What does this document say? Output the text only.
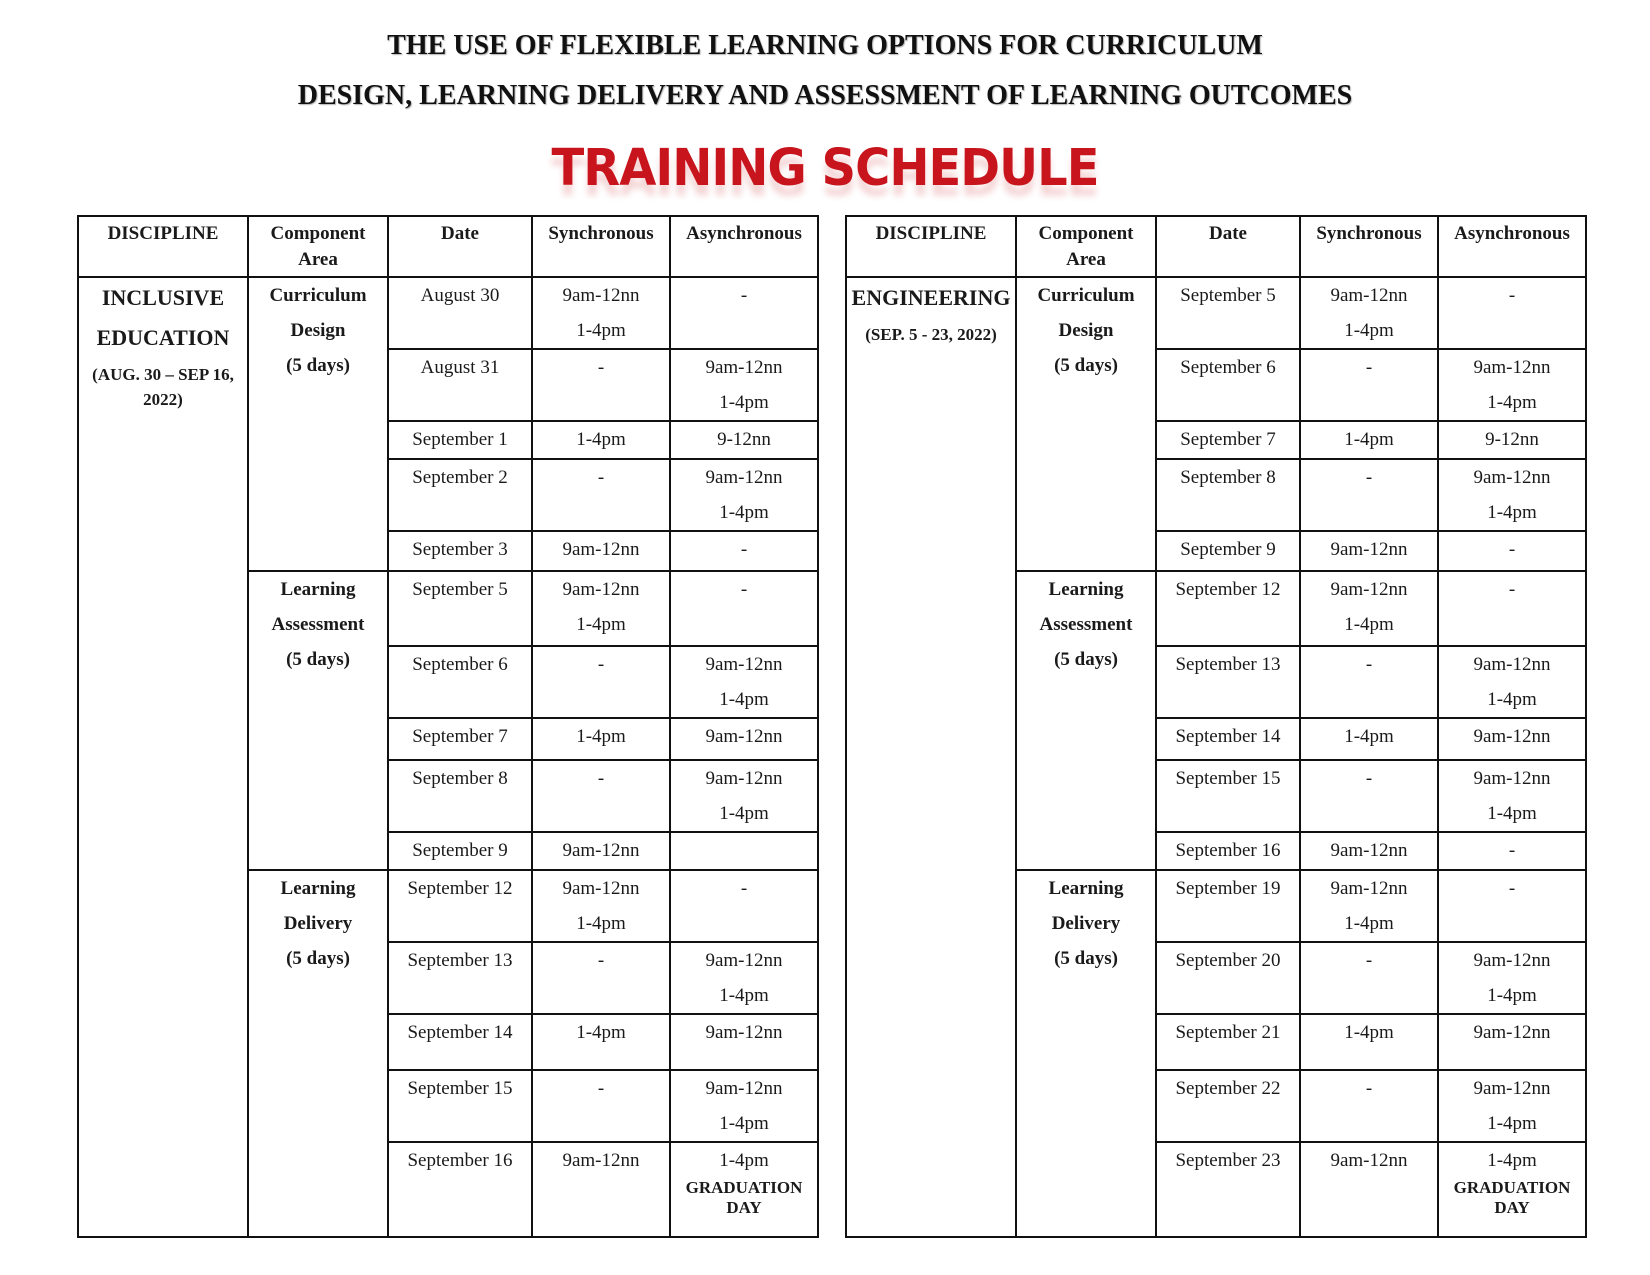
THE USE OF FLEXIBLE LEARNING OPTIONS FOR CURRICULUM
DESIGN, LEARNING DELIVERY AND ASSESSMENT OF LEARNING OUTCOMES
TRAINING SCHEDULE
DISCIPLINE	Component Area	Date	Synchronous	Asynchronous

INCLUSIVE
EDUCATION
(AUG. 30 – SEP 16, 2022)	Curriculum
Design
(5 days)	August 30	9am-12nn
1-4pm	-

		August 31	-	9am-12nn
1-4pm

		September 1	1-4pm	9-12nn

		September 2	-	9am-12nn
1-4pm

		September 3	9am-12nn	-

	Learning
Assessment
(5 days)	September 5	9am-12nn
1-4pm	-

		September 6	-	9am-12nn
1-4pm

		September 7	1-4pm	9am-12nn

		September 8	-	9am-12nn
1-4pm

		September 9	9am-12nn	

	Learning
Delivery
(5 days)	September 12	9am-12nn
1-4pm	-

		September 13	-	9am-12nn
1-4pm

		September 14	1-4pm	9am-12nn

		September 15	-	9am-12nn
1-4pm

		September 16	9am-12nn	1-4pm
GRADUATION DAY
DISCIPLINE	Component Area	Date	Synchronous	Asynchronous

ENGINEERING
(SEP. 5 - 23, 2022)	Curriculum
Design
(5 days)	September 5	9am-12nn
1-4pm	-

		September 6	-	9am-12nn
1-4pm

		September 7	1-4pm	9-12nn

		September 8	-	9am-12nn
1-4pm

		September 9	9am-12nn	-

	Learning
Assessment
(5 days)	September 12	9am-12nn
1-4pm	-

		September 13	-	9am-12nn
1-4pm

		September 14	1-4pm	9am-12nn

		September 15	-	9am-12nn
1-4pm

		September 16	9am-12nn	-

	Learning
Delivery
(5 days)	September 19	9am-12nn
1-4pm	-

		September 20	-	9am-12nn
1-4pm

		September 21	1-4pm	9am-12nn

		September 22	-	9am-12nn
1-4pm

		September 23	9am-12nn	1-4pm
GRADUATION DAY
